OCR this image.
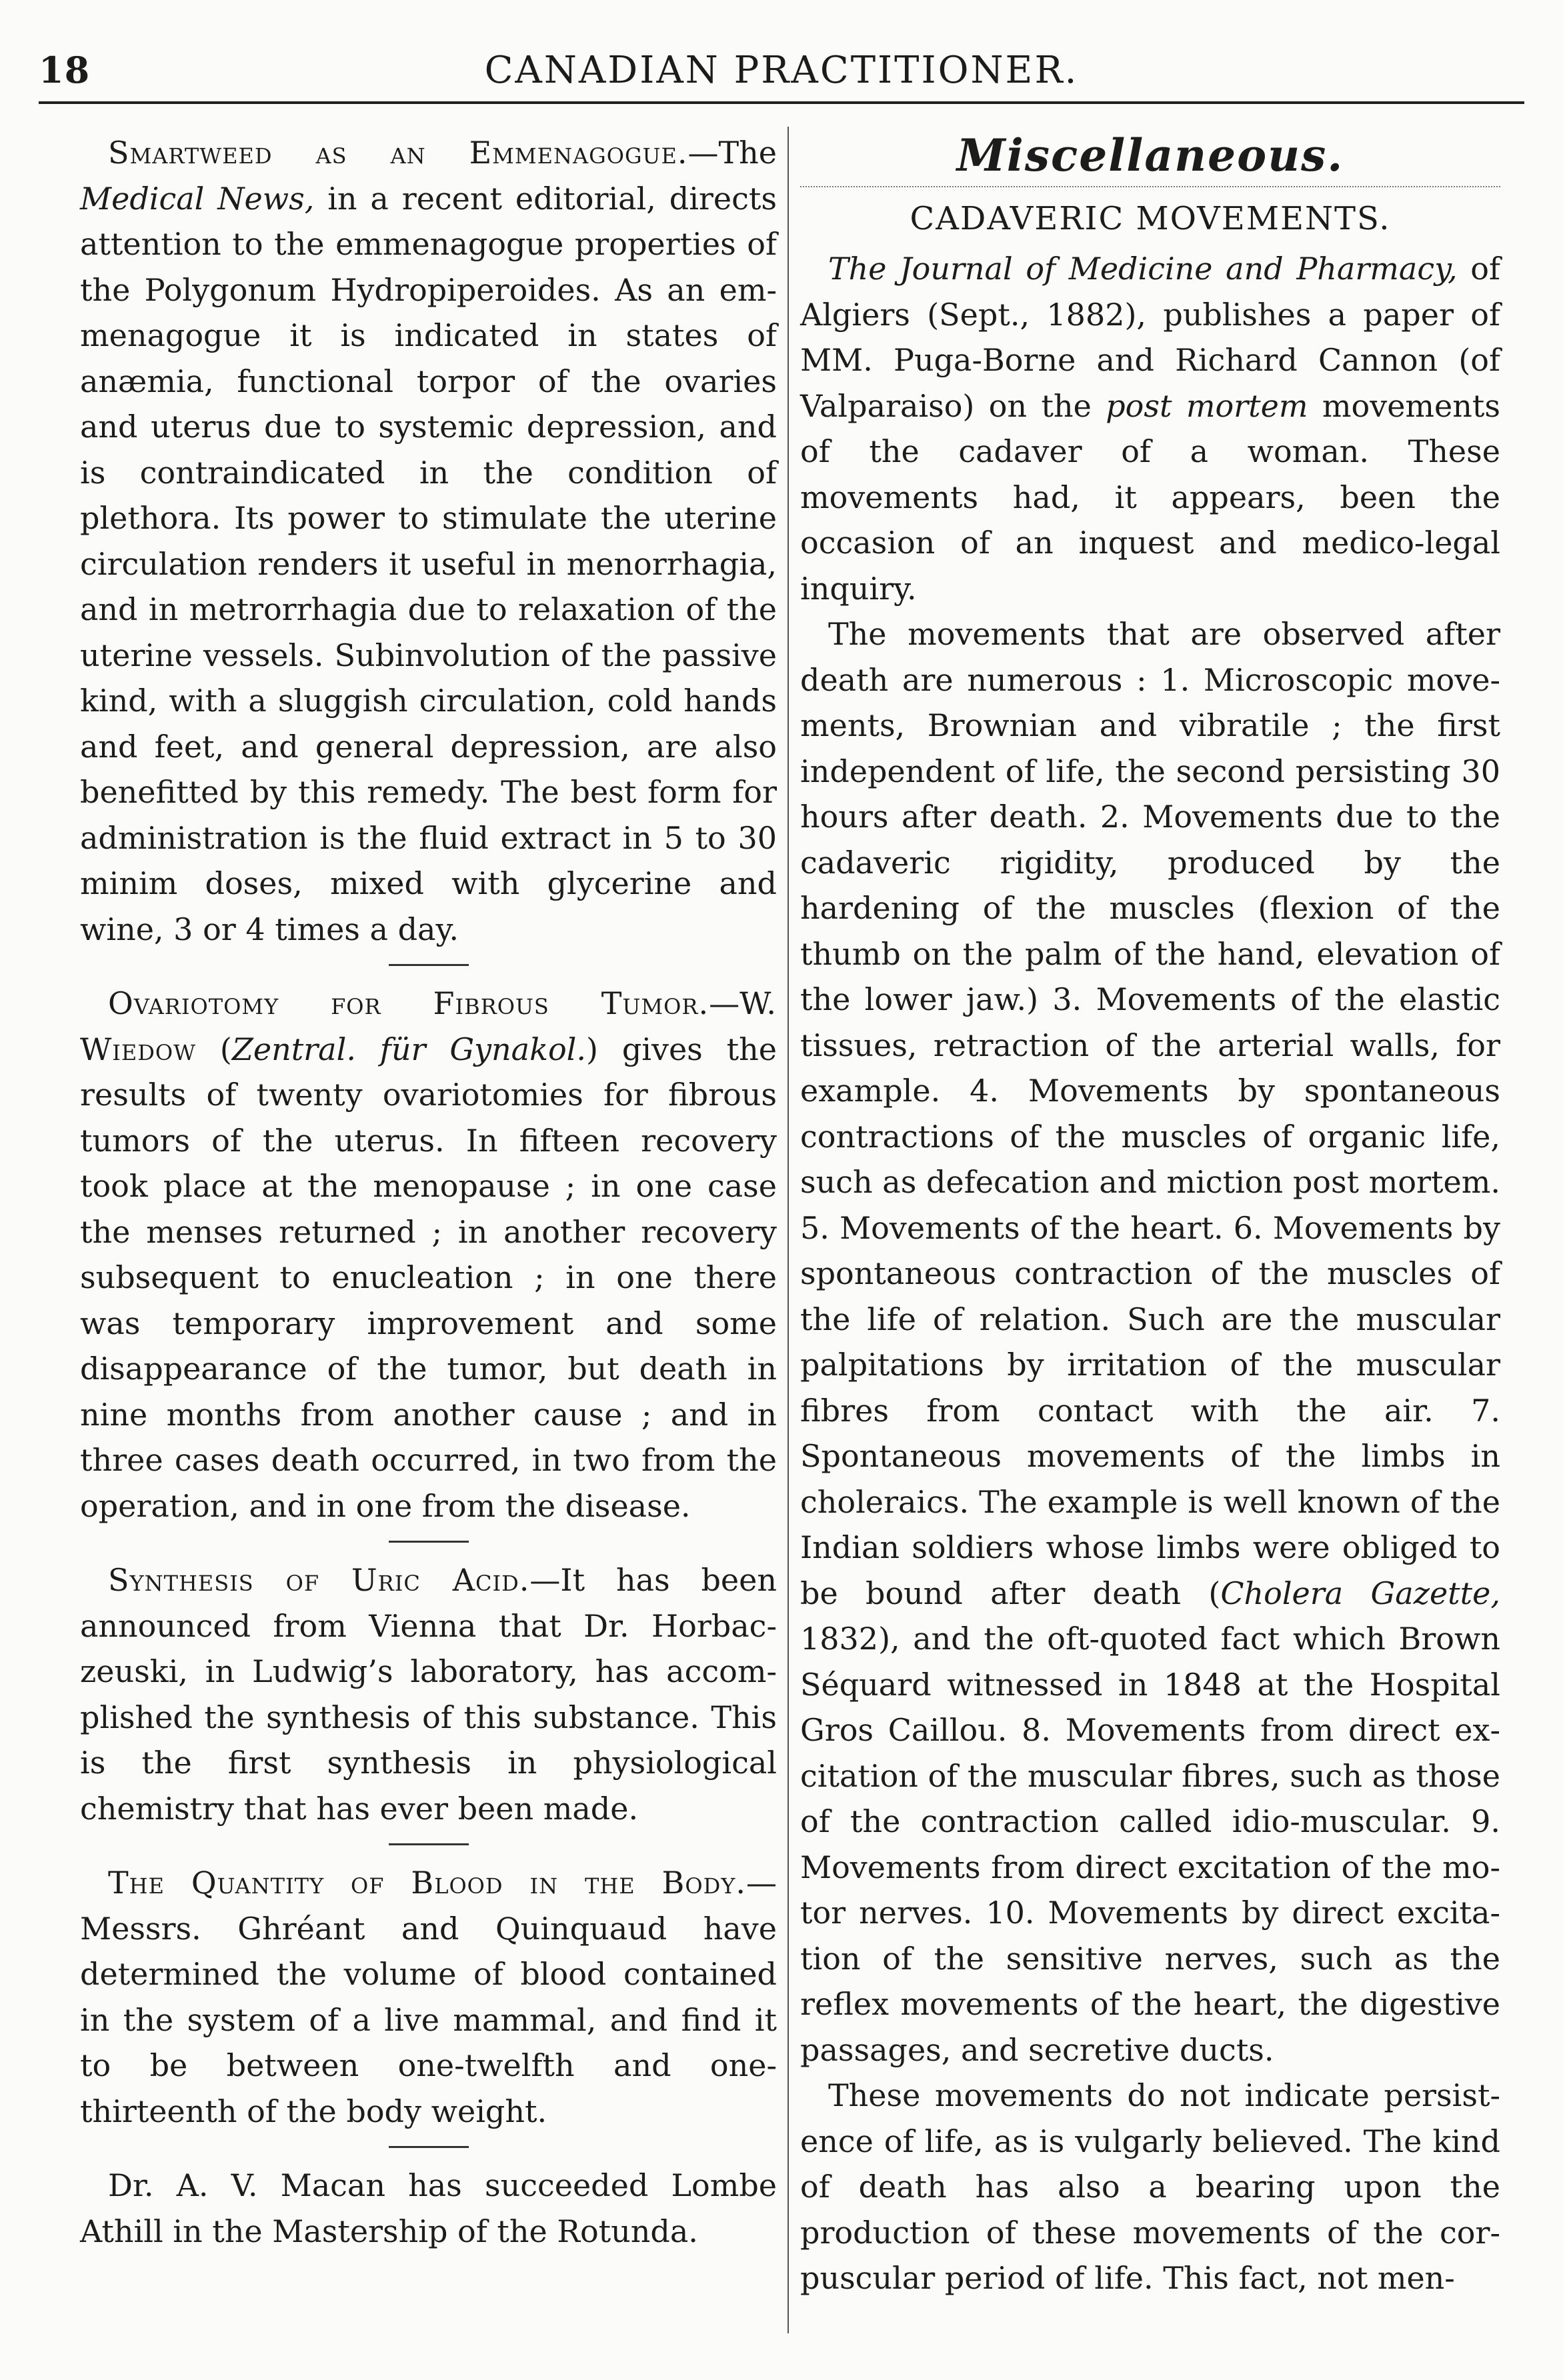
18	CANADIAN PRACTITIONER.

Smartweed as an Emmenagogue.—The Medical News, in a recent editorial, directs attention to the emmenagogue properties of the Polygonum Hydropiperoides. As an emmenagogue it is indicated in states of anæmia, functional torpor of the ovaries and uterus due to systemic depression, and is contraindicated in the condition of plethora. Its power to stimulate the uterine circulation renders it useful in menorrhagia, and in metrorrhagia due to relaxation of the uterine vessels. Subinvolution of the passive kind, with a sluggish circulation, cold hands and feet, and general depression, are also benefitted by this remedy. The best form for administration is the fluid extract in 5 to 30 minim doses, mixed with glycerine and wine, 3 or 4 times a day.

Ovariotomy for Fibrous Tumor.—W. Wiedow (Zentral. für Gynakol.) gives the results of twenty ovariotomies for fibrous tumors of the uterus. In fifteen recovery took place at the menopause ; in one case the menses returned ; in another recovery subsequent to enucleation ; in one there was temporary improvement and some disappearance of the tumor, but death in nine months from another cause ; and in three cases death occurred, in two from the operation, and in one from the disease.

Synthesis of Uric Acid.—It has been announced from Vienna that Dr. Horbaczeuski, in Ludwig’s laboratory, has accomplished the synthesis of this substance. This is the first synthesis in physiological chemistry that has ever been made.

The Quantity of Blood in the Body.— Messrs. Ghréant and Quinquaud have determined the volume of blood contained in the system of a live mammal, and find it to be between one-twelfth and one-thirteenth of the body weight.

Dr. A. V. Macan has succeeded Lombe Athill in the Mastership of the Rotunda.

Miscellaneous.
CADAVERIC MOVEMENTS.

The Journal of Medicine and Pharmacy, of Algiers (Sept., 1882), publishes a paper of MM. Puga-Borne and Richard Cannon (of Valparaiso) on the post mortem movements of the cadaver of a woman. These movements had, it appears, been the occasion of an inquest and medico-legal inquiry.

The movements that are observed after death are numerous : 1. Microscopic movements, Brownian and vibratile ; the first independent of life, the second persisting 30 hours after death. 2. Movements due to the cadaveric rigidity, produced by the hardening of the muscles (flexion of the thumb on the palm of the hand, elevation of the lower jaw.) 3. Movements of the elastic tissues, retraction of the arterial walls, for example. 4. Movements by spontaneous contractions of the muscles of organic life, such as defecation and miction post mortem. 5. Movements of the heart. 6. Movements by spontaneous contraction of the muscles of the life of relation. Such are the muscular palpitations by irritation of the muscular fibres from contact with the air. 7. Spontaneous movements of the limbs in choleraics. The example is well known of the Indian soldiers whose limbs were obliged to be bound after death (Cholera Gazette, 1832), and the oft-quoted fact which Brown Séquard witnessed in 1848 at the Hospital Gros Caillou. 8. Movements from direct excitation of the muscular fibres, such as those of the contraction called idio-muscular. 9. Movements from direct excitation of the motor nerves. 10. Movements by direct excitation of the sensitive nerves, such as the reflex movements of the heart, the digestive passages, and secretive ducts.

These movements do not indicate persistence of life, as is vulgarly believed. The kind of death has also a bearing upon the production of these movements of the corpuscular period of life. This fact, not men-
